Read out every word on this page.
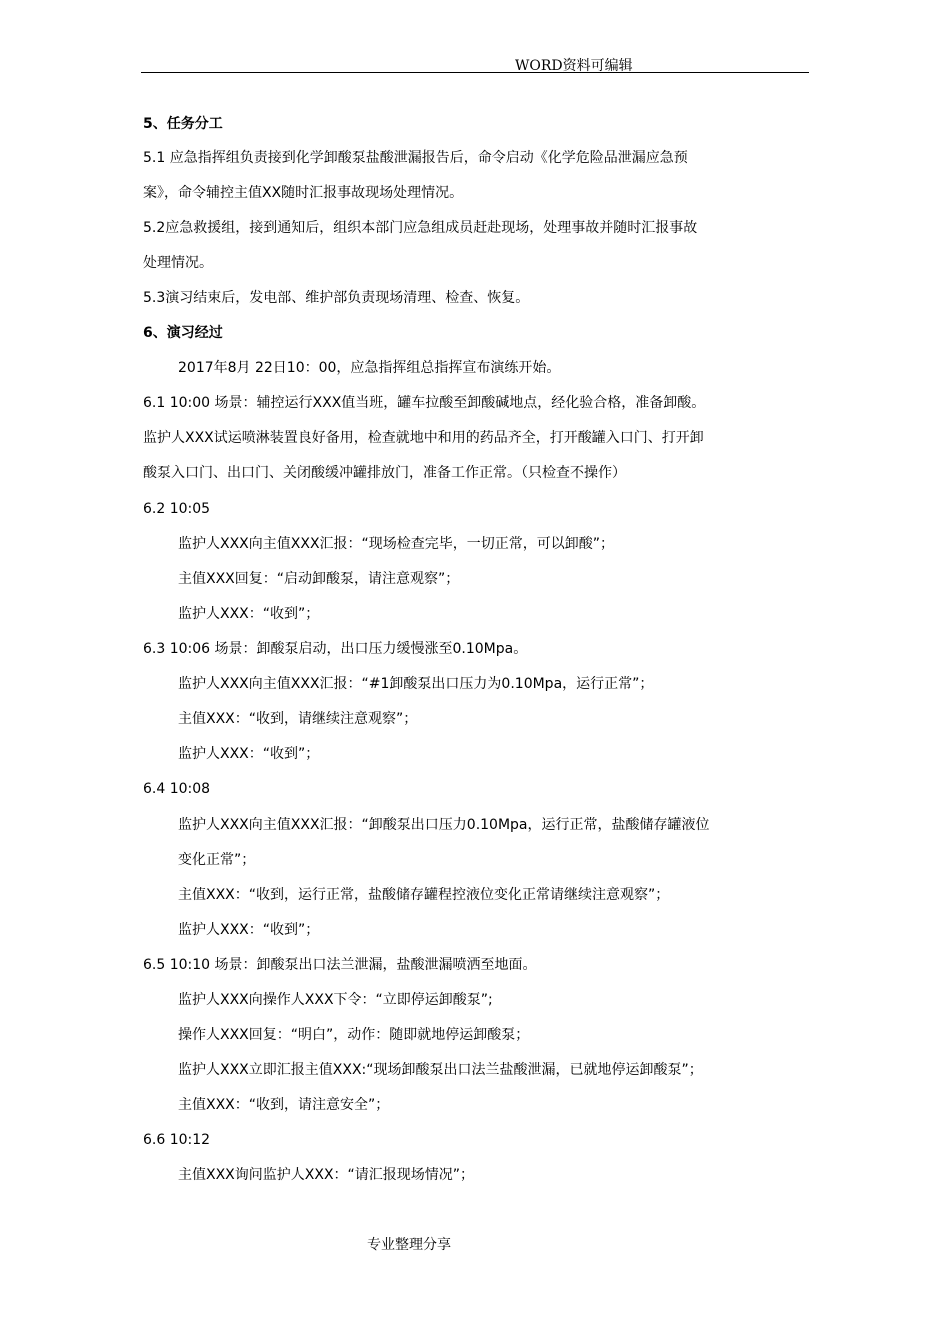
WORD资料可编辑
5、任务分工
5.1 应急指挥组负责接到化学卸酸泵盐酸泄漏报告后，命令启动《化学危险品泄漏应急预
案》，命令辅控主值XX随时汇报事故现场处理情况。
5.2应急救援组，接到通知后，组织本部门应急组成员赶赴现场，处理事故并随时汇报事故
处理情况。
5.3演习结束后，发电部、维护部负责现场清理、检查、恢复。
6、演习经过
2017年8月 22日10：00，应急指挥组总指挥宣布演练开始。
6.1 10:00 场景：辅控运行XXX值当班，罐车拉酸至卸酸碱地点，经化验合格，准备卸酸。
监护人XXX试运喷淋装置良好备用，检查就地中和用的药品齐全，打开酸罐入口门、打开卸
酸泵入口门、出口门、关闭酸缓冲罐排放门，准备工作正常。（只检查不操作）
6.2 10:05
监护人XXX向主值XXX汇报：“现场检查完毕，一切正常，可以卸酸”；
主值XXX回复：“启动卸酸泵，请注意观察”；
监护人XXX：“收到”；
6.3 10:06 场景：卸酸泵启动，出口压力缓慢涨至0.10Mpa。
监护人XXX向主值XXX汇报：“#1卸酸泵出口压力为0.10Mpa，运行正常”；
主值XXX：“收到，请继续注意观察”；
监护人XXX：“收到”；
6.4 10:08
监护人XXX向主值XXX汇报：“卸酸泵出口压力0.10Mpa，运行正常，盐酸储存罐液位
变化正常”；
主值XXX：“收到，运行正常，盐酸储存罐程控液位变化正常请继续注意观察”；
监护人XXX：“收到”；
6.5 10:10 场景：卸酸泵出口法兰泄漏，盐酸泄漏喷洒至地面。
监护人XXX向操作人XXX下令：“立即停运卸酸泵”;
操作人XXX回复：“明白”，动作：随即就地停运卸酸泵；
监护人XXX立即汇报主值XXX:“现场卸酸泵出口法兰盐酸泄漏，已就地停运卸酸泵”；
主值XXX：“收到，请注意安全”；
6.6 10:12
主值XXX询问监护人XXX：“请汇报现场情况”；
专业整理分享
